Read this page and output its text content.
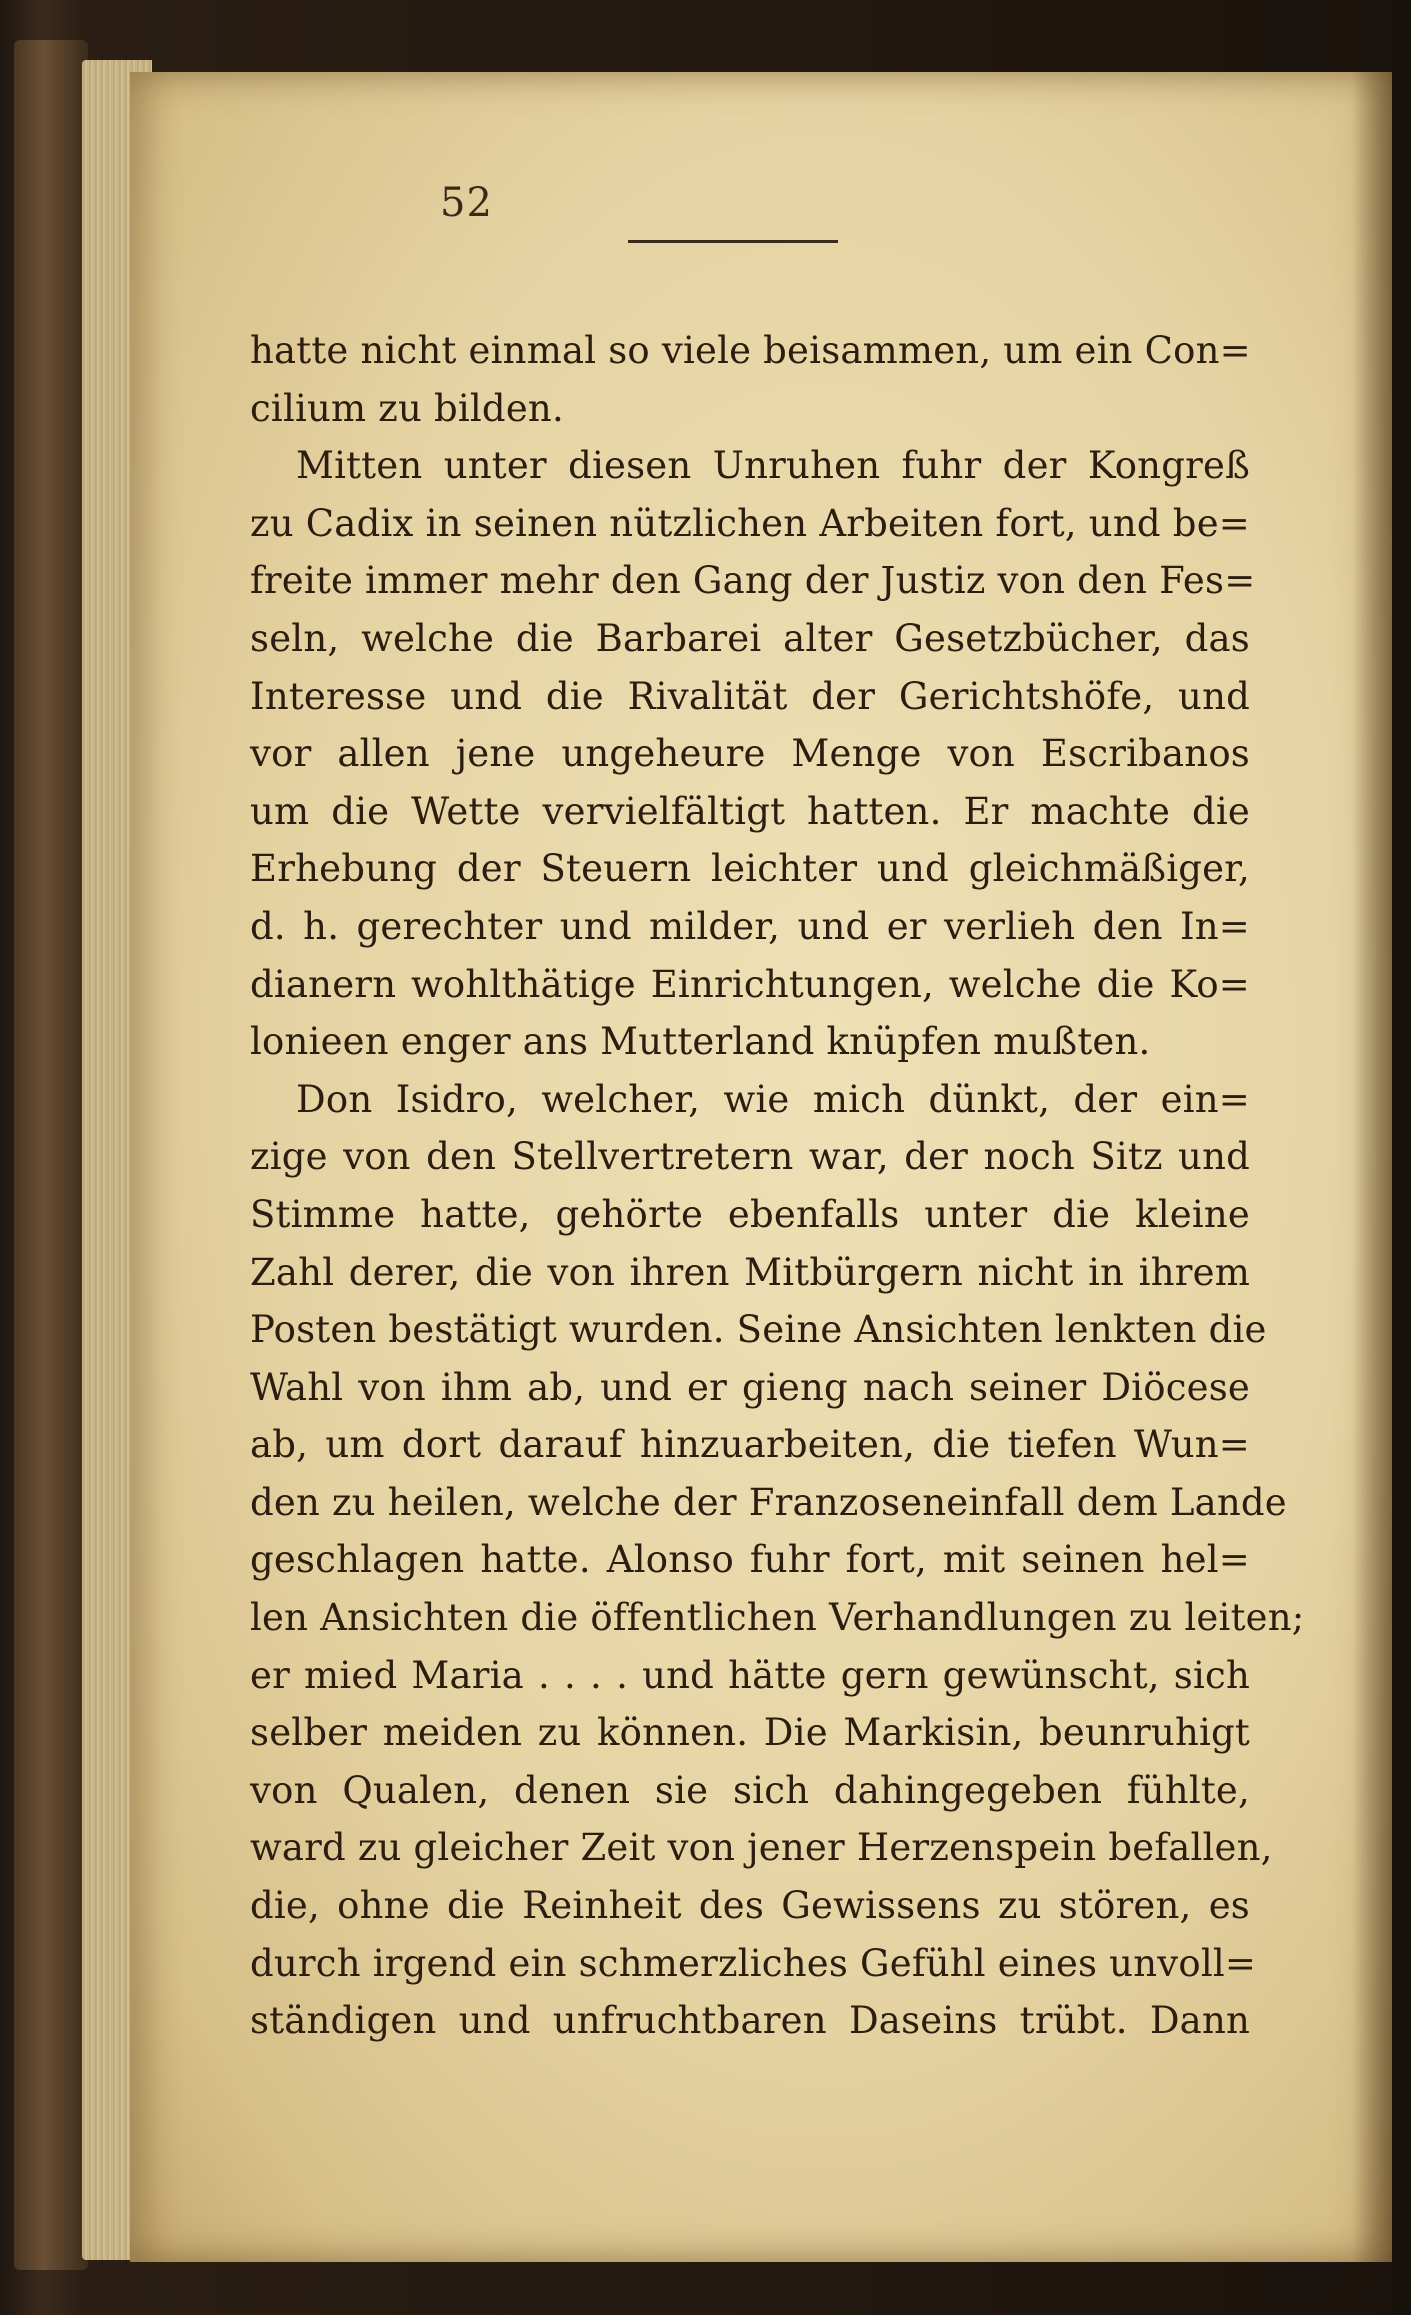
52
hatte nicht einmal so viele beisammen, um ein Con=
cilium zu bilden.
Mitten unter diesen Unruhen fuhr der Kongreß
zu Cadix in seinen nützlichen Arbeiten fort, und be=
freite immer mehr den Gang der Justiz von den Fes=
seln, welche die Barbarei alter Gesetzbücher, das
Interesse und die Rivalität der Gerichtshöfe, und
vor allen jene ungeheure Menge von Escribanos
um die Wette vervielfältigt hatten. Er machte die
Erhebung der Steuern leichter und gleichmäßiger,
d. h. gerechter und milder, und er verlieh den In=
dianern wohlthätige Einrichtungen, welche die Ko=
lonieen enger ans Mutterland knüpfen mußten.
Don Isidro, welcher, wie mich dünkt, der ein=
zige von den Stellvertretern war, der noch Sitz und
Stimme hatte, gehörte ebenfalls unter die kleine
Zahl derer, die von ihren Mitbürgern nicht in ihrem
Posten bestätigt wurden. Seine Ansichten lenkten die
Wahl von ihm ab, und er gieng nach seiner Diöcese
ab, um dort darauf hinzuarbeiten, die tiefen Wun=
den zu heilen, welche der Franzoseneinfall dem Lande
geschlagen hatte. Alonso fuhr fort, mit seinen hel=
len Ansichten die öffentlichen Verhandlungen zu leiten;
er mied Maria . . . . und hätte gern gewünscht, sich
selber meiden zu können. Die Markisin, beunruhigt
von Qualen, denen sie sich dahingegeben fühlte,
ward zu gleicher Zeit von jener Herzenspein befallen,
die, ohne die Reinheit des Gewissens zu stören, es
durch irgend ein schmerzliches Gefühl eines unvoll=
ständigen und unfruchtbaren Daseins trübt. Dann
